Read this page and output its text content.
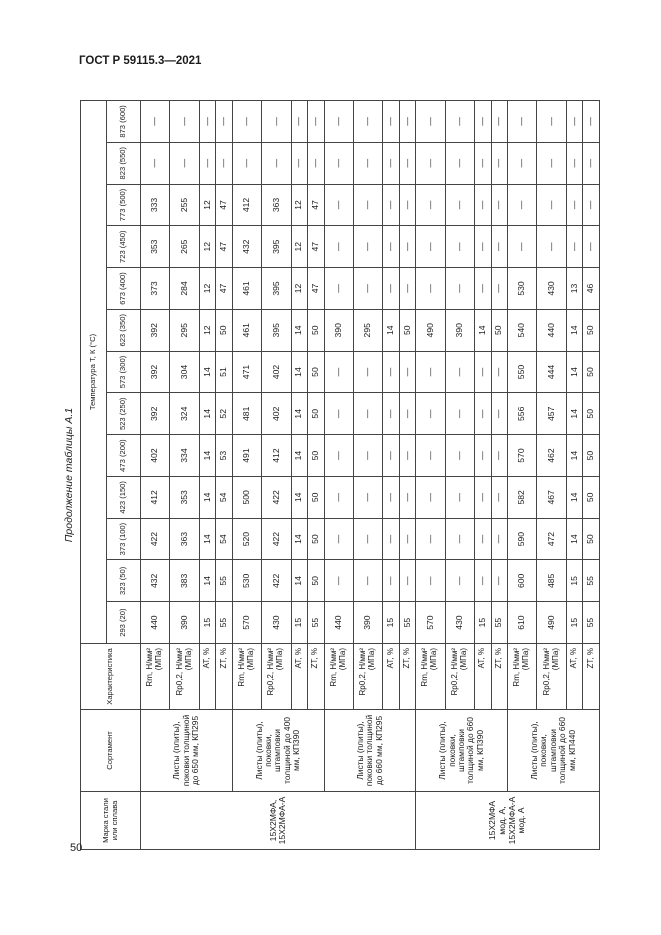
ГОСТ Р 59115.3—2021
Продолжение таблицы А.1
Марка стали или сплава	Сортамент	Характеристика	Температура T, К (°С)												
			293 (20)	323 (50)	373 (100)	423 (150)	473 (200)	523 (250)	573 (300)	623 (350)	673 (400)	723 (450)	773 (500)	823 (550)	873 (600)
15Х2МФА, 15Х2МФА-А	Листы (плиты), поковки толщиной до 650 мм, КП295	Rm, Н/мм² (МПа)	440	432	422	412	402	392	392	392	373	353	333	—	—
		Rp0,2, Н/мм² (МПа)	390	383	363	353	334	324	304	295	284	265	255	—	—
		AT, %	15	14	14	14	14	14	14	12	12	12	12	—	—
		ZT, %	55	55	54	54	53	52	51	50	47	47	47	—	—
	Листы (плиты), поковки, штамповки толщиной до 400 мм, КП390	Rm, Н/мм² (МПа)	570	530	520	500	491	481	471	461	461	432	412	—	—
		Rp0,2, Н/мм² (МПа)	430	422	422	422	412	402	402	395	395	395	363	—	—
		AT, %	15	14	14	14	14	14	14	14	12	12	12	—	—
		ZT, %	55	50	50	50	50	50	50	50	47	47	47	—	—
	Листы (плиты), поковки толщиной до 660 мм, КП295	Rm, Н/мм² (МПа)	440	—	—	—	—	—	—	390	—	—	—	—	—
		Rp0,2, Н/мм² (МПа)	390	—	—	—	—	—	—	295	—	—	—	—	—
		AT, %	15	—	—	—	—	—	—	14	—	—	—	—	—
		ZT, %	55	—	—	—	—	—	—	50	—	—	—	—	—
15Х2МФА мод. А, 15Х2МФА-А мод. А	Листы (плиты), поковки, штамповки толщиной до 660 мм, КП390	Rm, Н/мм² (МПа)	570	—	—	—	—	—	—	490	—	—	—	—	—
		Rp0,2, Н/мм² (МПа)	430	—	—	—	—	—	—	390	—	—	—	—	—
		AT, %	15	—	—	—	—	—	—	14	—	—	—	—	—
		ZT, %	55	—	—	—	—	—	—	50	—	—	—	—	—
	Листы (плиты), поковки, штамповки толщиной до 660 мм, КП440	Rm, Н/мм² (МПа)	610	600	590	582	570	556	550	540	530	—	—	—	—
		Rp0,2, Н/мм² (МПа)	490	485	472	467	462	457	444	440	430	—	—	—	—
		AT, %	15	15	14	14	14	14	14	14	13	—	—	—	—
		ZT, %	55	55	50	50	50	50	50	50	46	—	—	—	—
50
